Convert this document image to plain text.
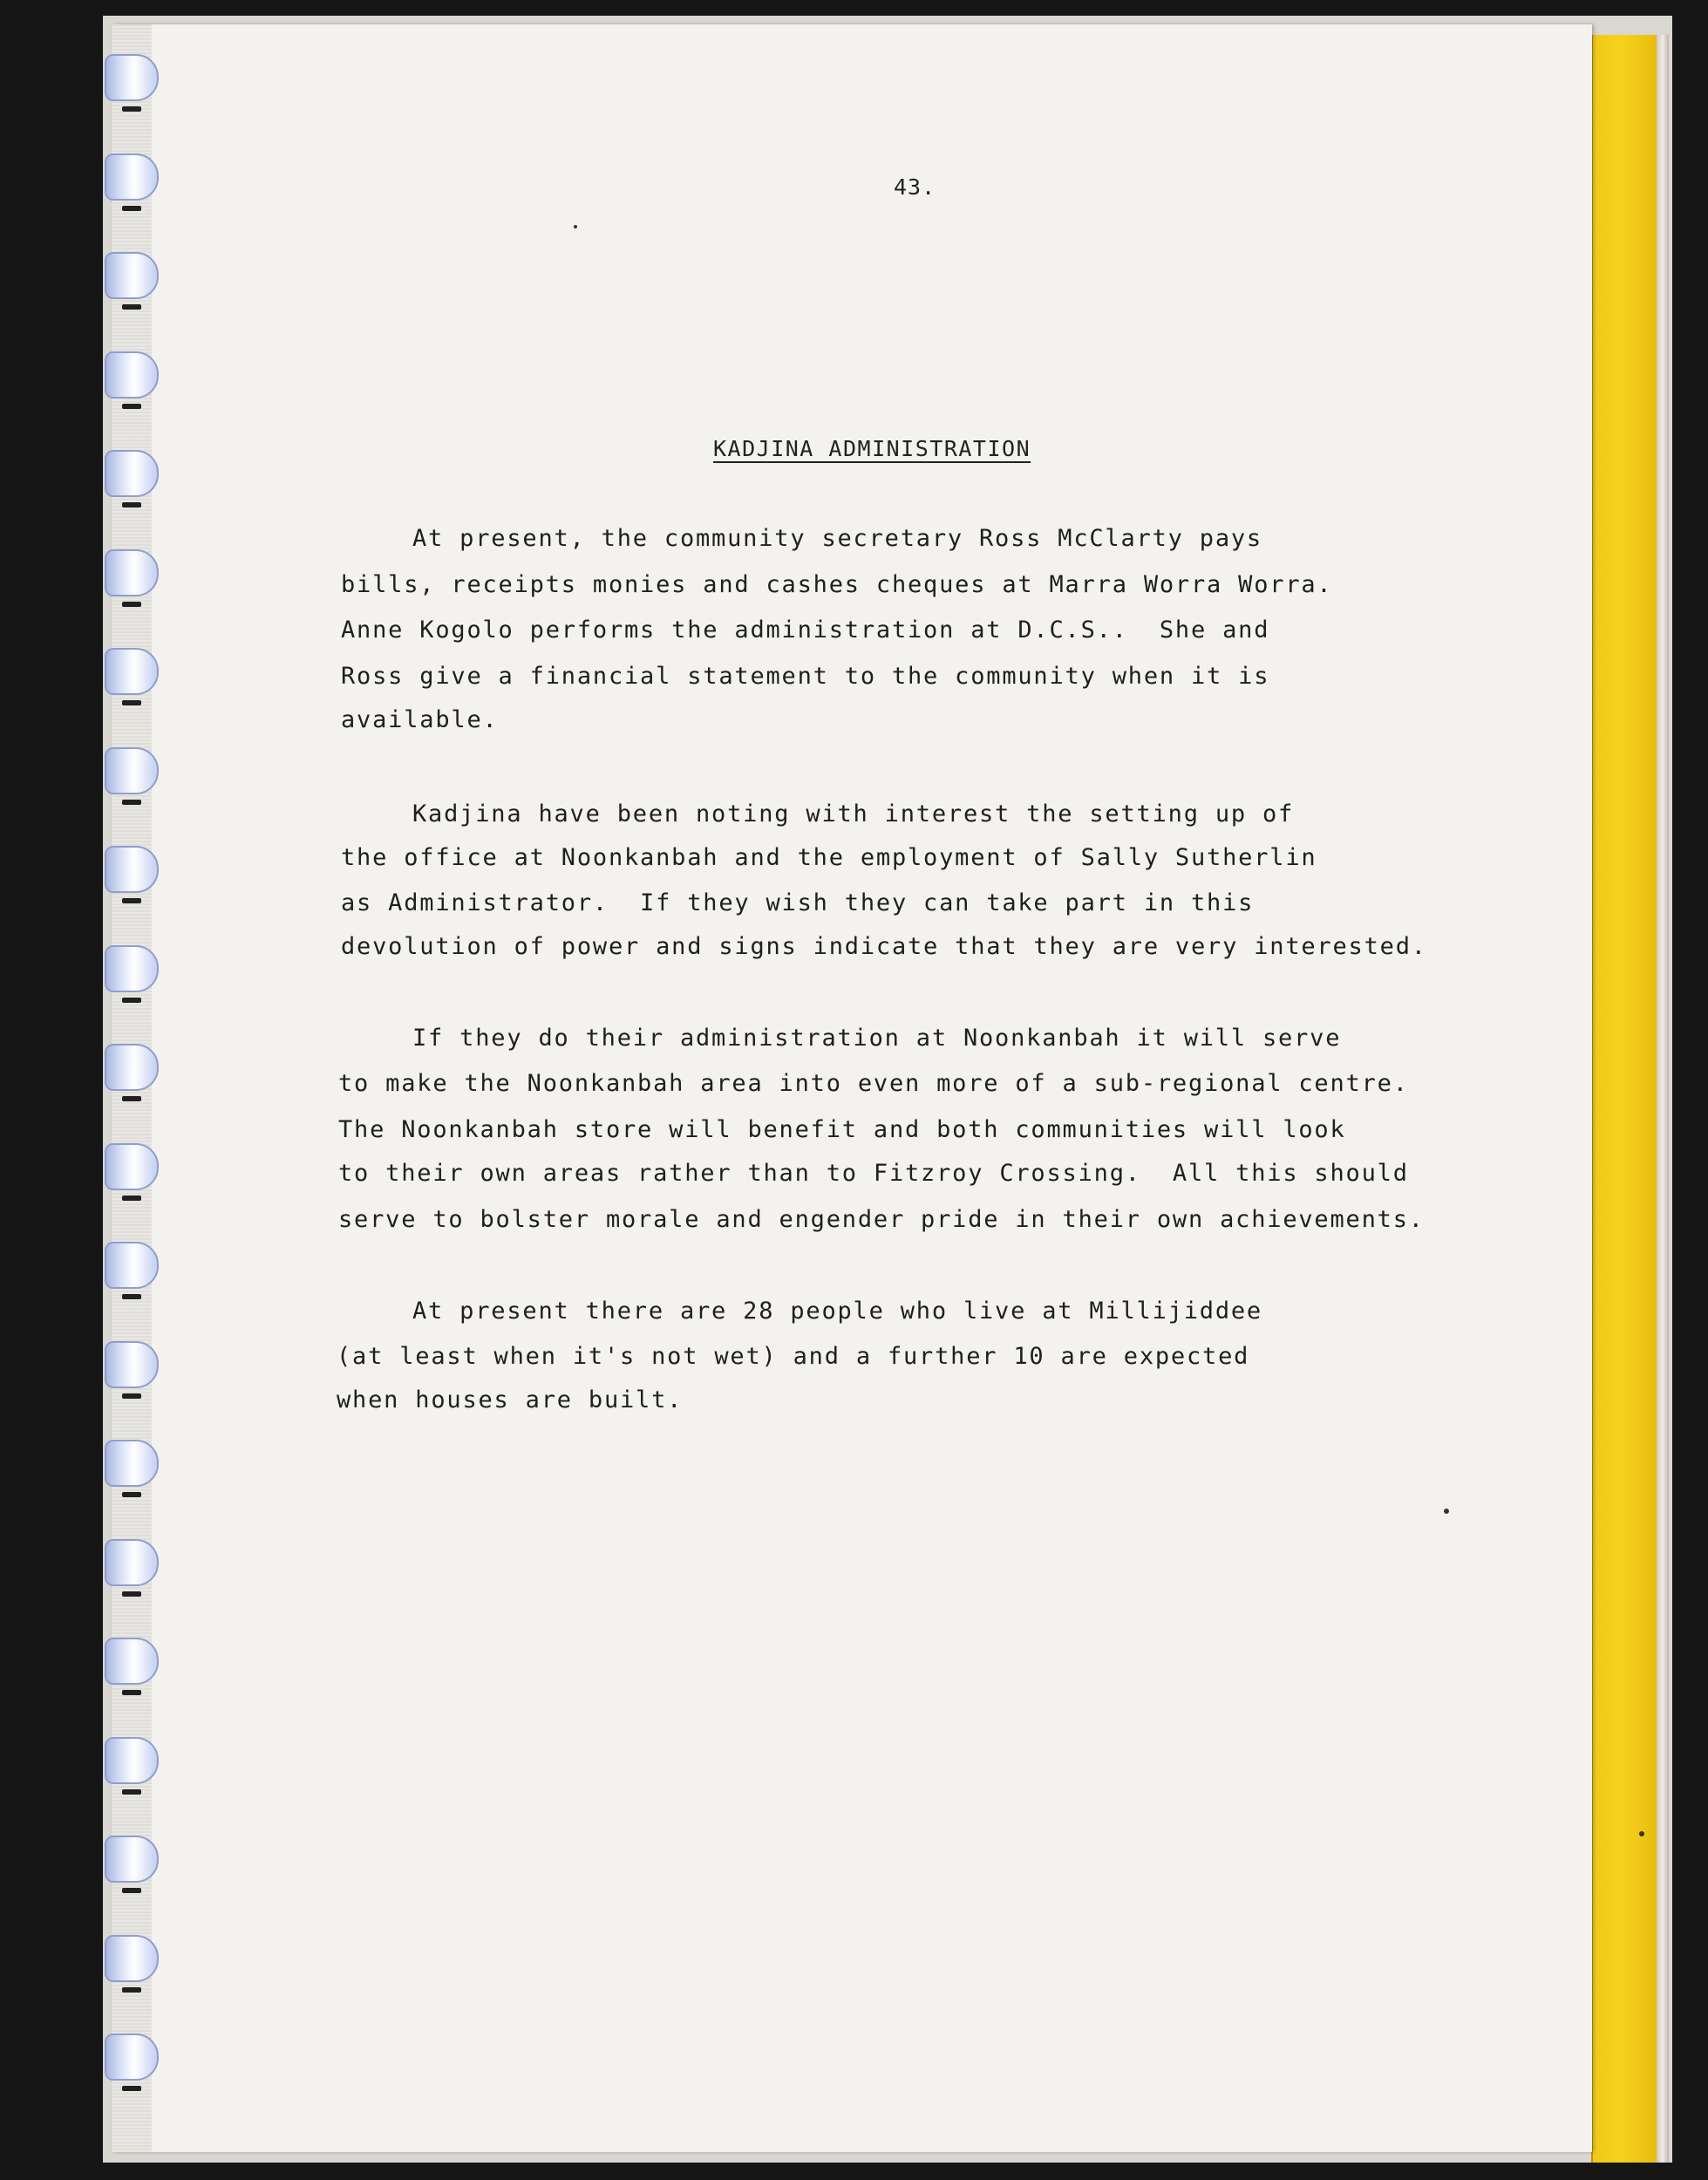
43.
KADJINA ADMINISTRATION
At present, the community secretary Ross McClarty pays
bills, receipts monies and cashes cheques at Marra Worra Worra.
Anne Kogolo performs the administration at D.C.S..  She and
Ross give a financial statement to the community when it is
available.
Kadjina have been noting with interest the setting up of
the office at Noonkanbah and the employment of Sally Sutherlin
as Administrator.  If they wish they can take part in this
devolution of power and signs indicate that they are very interested.
If they do their administration at Noonkanbah it will serve
to make the Noonkanbah area into even more of a sub-regional centre.
The Noonkanbah store will benefit and both communities will look
to their own areas rather than to Fitzroy Crossing.  All this should
serve to bolster morale and engender pride in their own achievements.
At present there are 28 people who live at Millijiddee
(at least when it's not wet) and a further 10 are expected
when houses are built.
